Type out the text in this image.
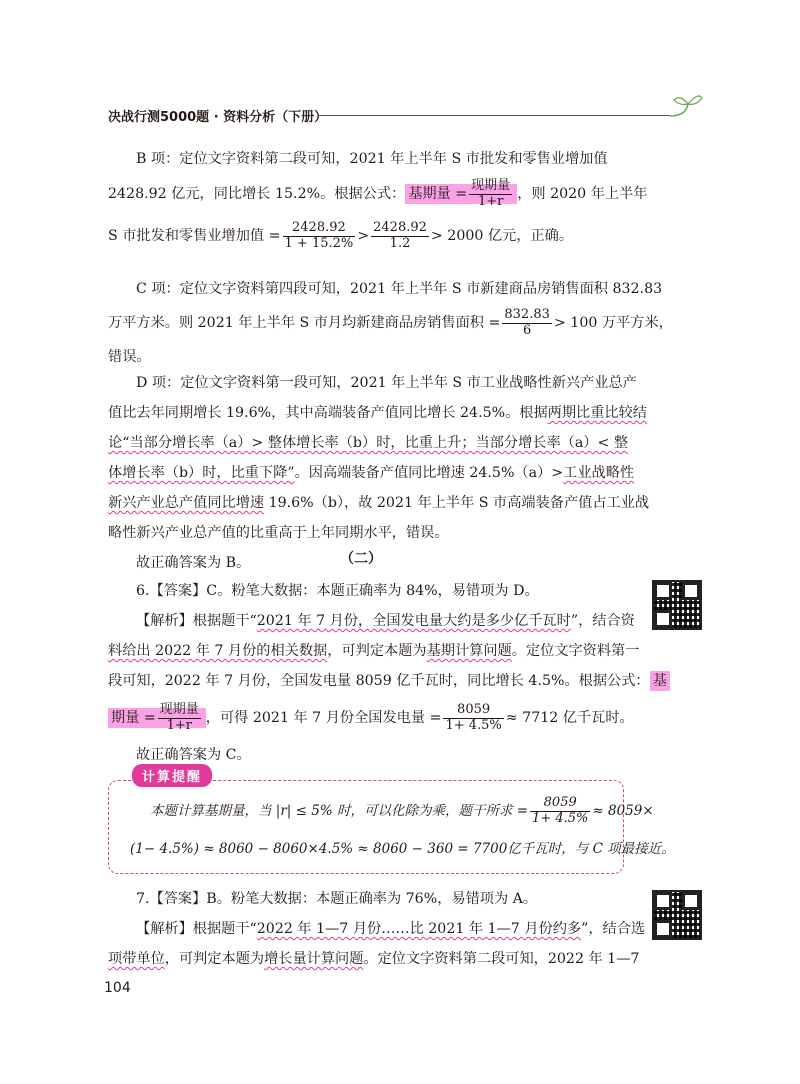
决战行测5000题 · 资料分析（下册）
B 项：定位文字资料第二段可知，2021 年上半年 S 市批发和零售业增加值
2428.92 亿元，同比增长 15.2%。根据公式： 基期量 = $\frac{\text{现期量}}{1+r}$ ，则 2020 年上半年
S 市批发和零售业增加值 = $\frac{2428.92}{1 + 15.2\%} > \frac{2428.92}{1.2} > 2000$ 亿元，正确。
C 项：定位文字资料第四段可知，2021 年上半年 S 市新建商品房销售面积 832.83
万平方米。则 2021 年上半年 S 市月均新建商品房销售面积 = $\frac{832.83}{6} > 100$ 万平方米，
错误。
D 项：定位文字资料第一段可知，2021 年上半年 S 市工业战略性新兴产业总产
值比去年同期增长 19.6%，其中高端装备产值同比增长 24.5%。根据两期比重比较结
论“当部分增长率（a）> 整体增长率（b）时，比重上升；当部分增长率（a）< 整
体增长率（b）时，比重下降”。因高端装备产值同比增速 24.5%（a）>工业战略性
新兴产业总产值同比增速 19.6%（b），故 2021 年上半年 S 市高端装备产值占工业战
略性新兴产业总产值的比重高于上年同期水平，错误。
故正确答案为 B。	（二）
6.【答案】C。粉笔大数据：本题正确率为 84%，易错项为 D。
【解析】根据题干“2021 年 7 月份，全国发电量大约是多少亿千瓦时”，结合资
料给出 2022 年 7 月份的相关数据，可判定本题为基期计算问题。定位文字资料第一
段可知，2022 年 7 月份，全国发电量 8059 亿千瓦时，同比增长 4.5%。根据公式： 基
期量 = $\frac{\text{现期量}}{1+r}$ ，可得 2021 年 7 月份全国发电量 = $\frac{8059}{1+ 4.5\%} \approx 7712$ 亿千瓦时。
故正确答案为 C。
计算提醒
本题计算基期量，当 |r| ≤ 5% 时，可以化除为乘，题干所求 = $\frac{8059}{1+ 4.5\%} \approx 8059\times$
(1− 4.5%) ≈ 8060 − 8060×4.5% ≈ 8060 − 360 = 7700亿千瓦时，与 C 项最接近。
7.【答案】B。粉笔大数据：本题正确率为 76%，易错项为 A。
【解析】根据题干“2022 年 1—7 月份……比 2021 年 1—7 月份约多”，结合选
项带单位，可判定本题为增长量计算问题。定位文字资料第二段可知，2022 年 1—7
104
